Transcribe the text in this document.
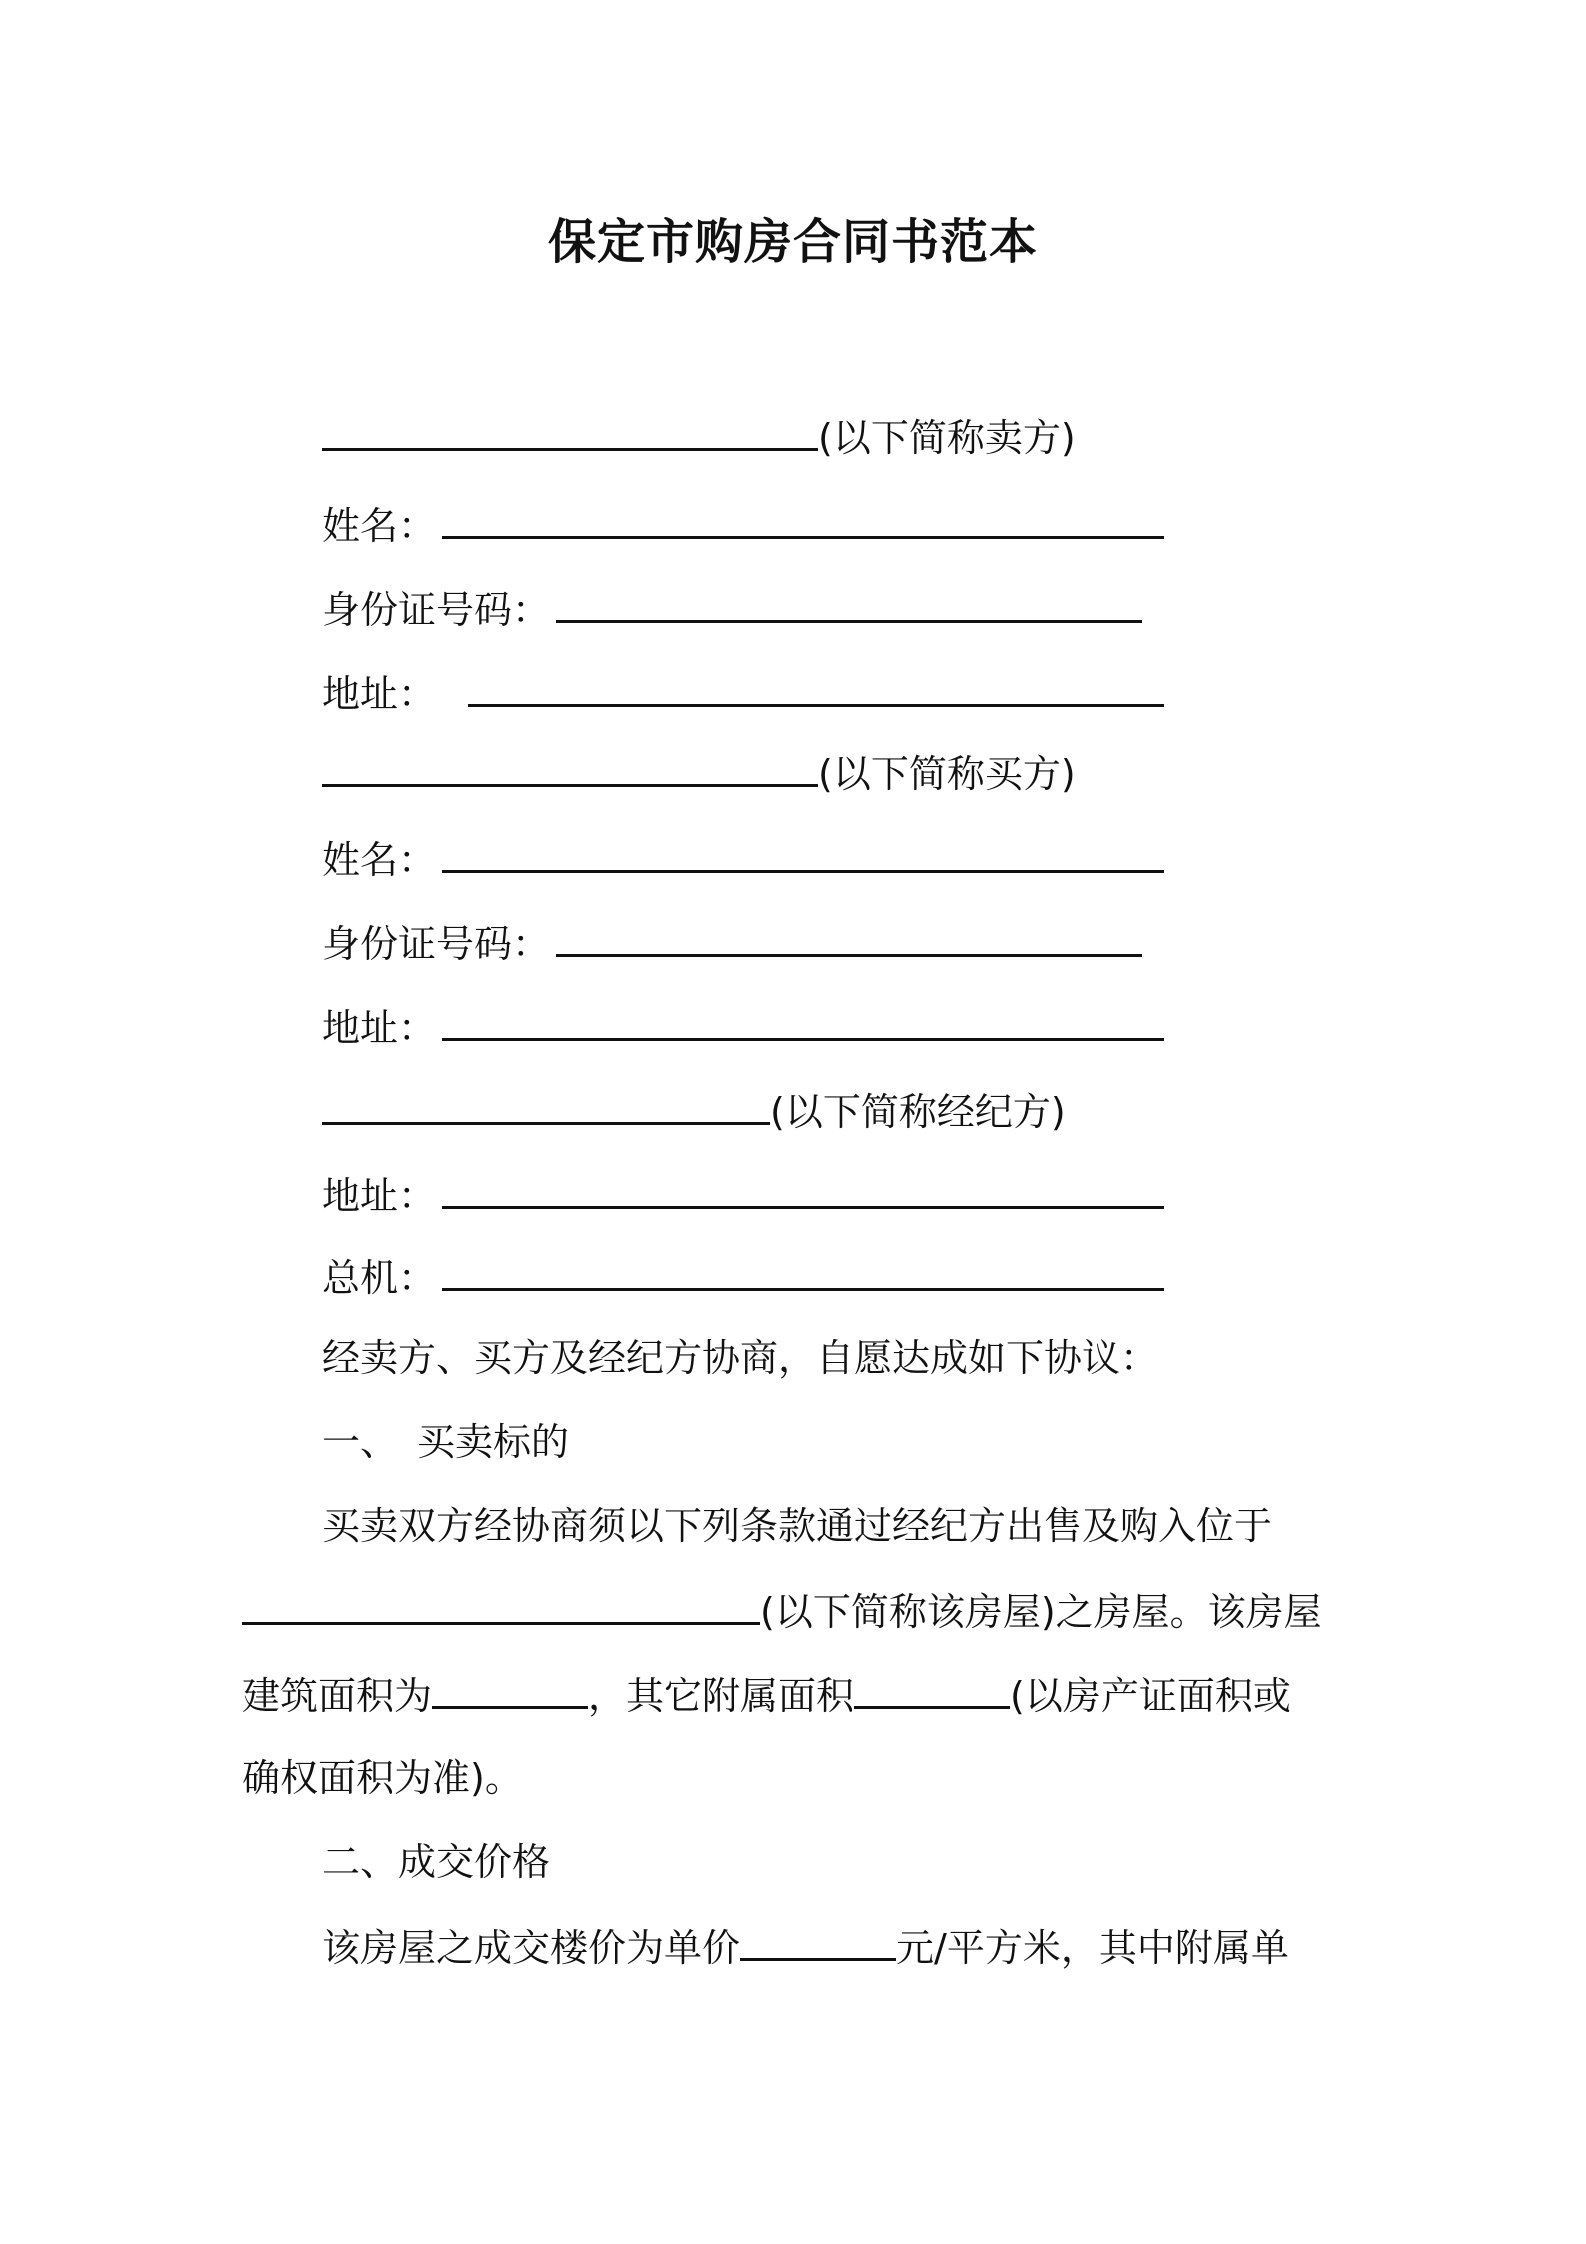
保定市购房合同书范本
(以下简称卖方)
姓名：
身份证号码：
地址：
(以下简称买方)
姓名：
身份证号码：
地址：
(以下简称经纪方)
地址：
总机：
经卖方、买方及经纪方协商，自愿达成如下协议：
一、　买卖标的
买卖双方经协商须以下列条款通过经纪方出售及购入位于
(以下简称该房屋)之房屋。该房屋
建筑面积为	，其它附属面积	(以房产证面积或
确权面积为准)。
二、成交价格
该房屋之成交楼价为单价	元/平方米，其中附属单
